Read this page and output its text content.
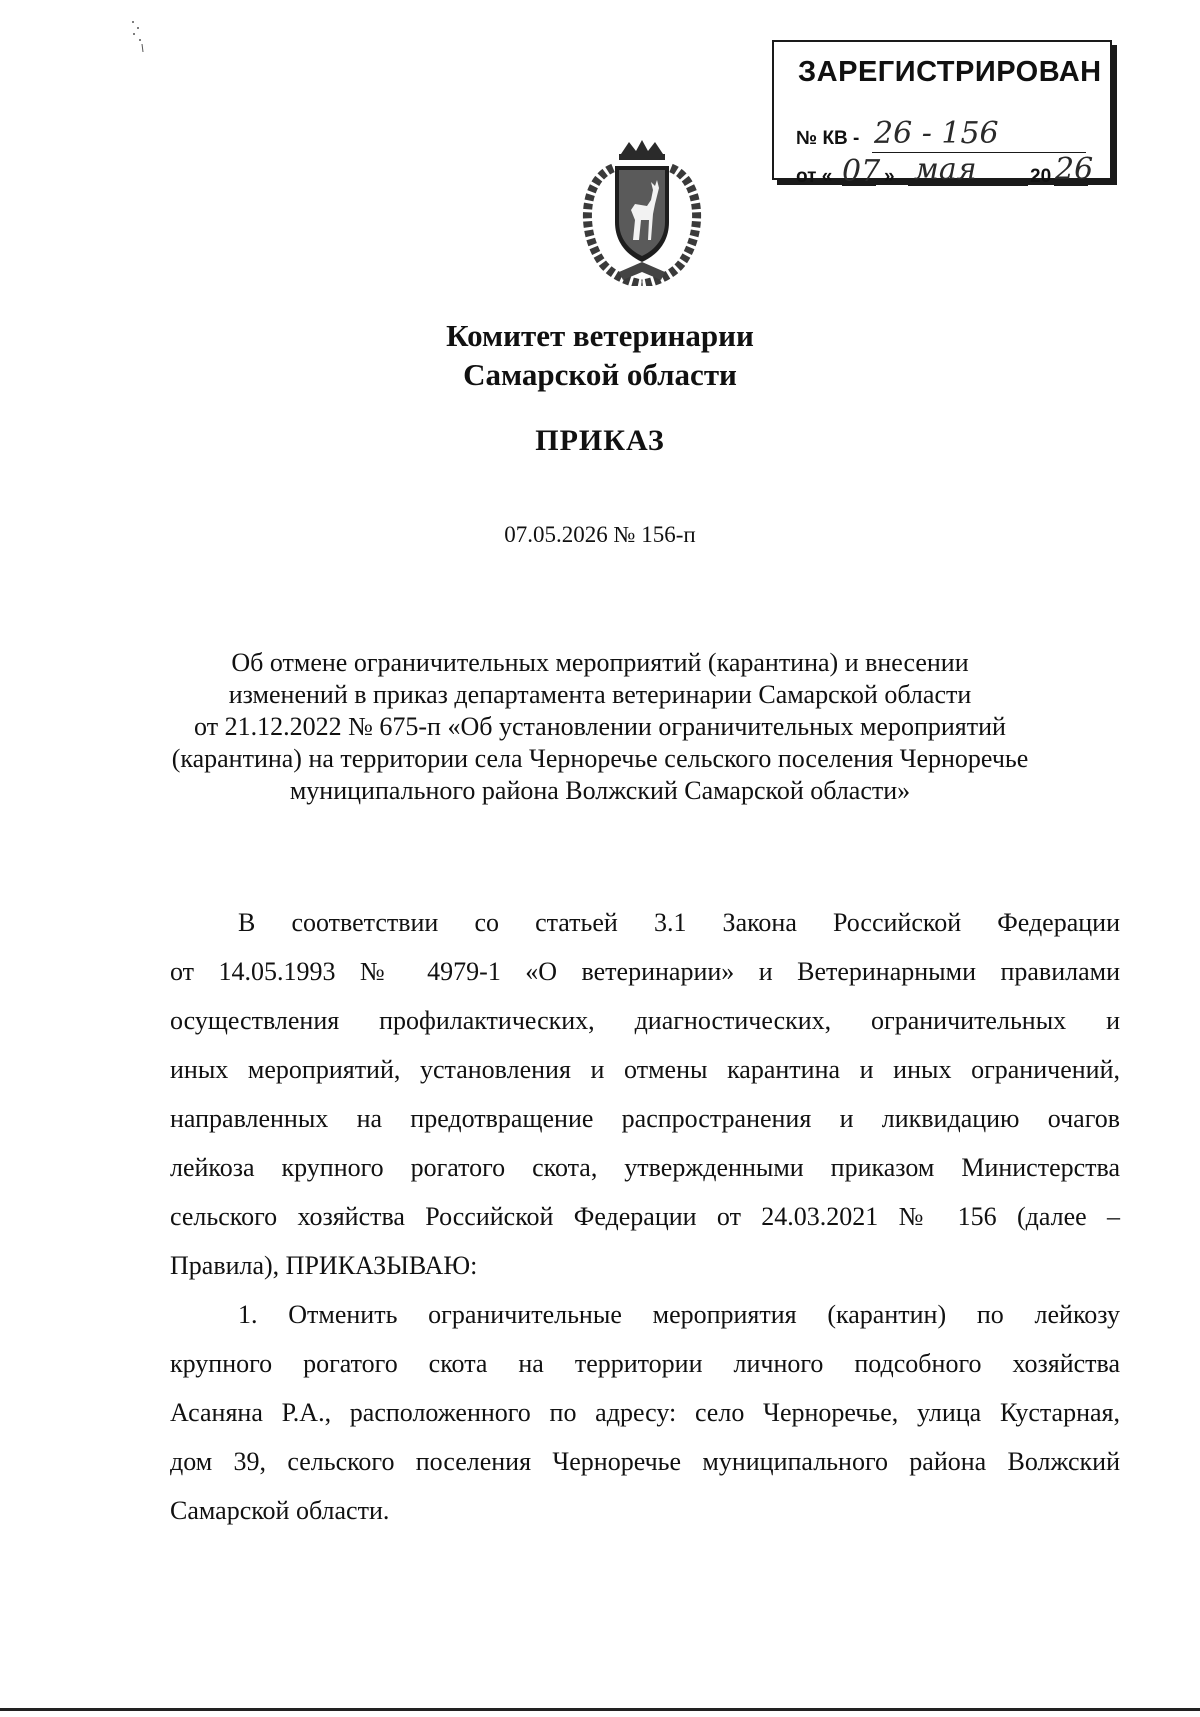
ЗАРЕГИСТРИРОВАН
№ КВ - 26 - 156
от « 07 » мая	20 26
Комитет ветеринарии
Самарской области
ПРИКАЗ
07.05.2026 № 156-п
Об отмене ограничительных мероприятий (карантина) и внесении
изменений в приказ департамента ветеринарии Самарской области
от 21.12.2022 № 675-п «Об установлении ограничительных мероприятий
(карантина) на территории села Черноречье сельского поселения Черноречье
муниципального района Волжский Самарской области»
В соответствии со статьей 3.1 Закона Российской Федерации
от 14.05.1993 № 4979-1 «О ветеринарии» и Ветеринарными правилами
осуществления профилактических, диагностических, ограничительных и
иных мероприятий, установления и отмены карантина и иных ограничений,
направленных на предотвращение распространения и ликвидацию очагов
лейкоза крупного рогатого скота, утвержденными приказом Министерства
сельского хозяйства Российской Федерации от 24.03.2021 № 156 (далее –
Правила), ПРИКАЗЫВАЮ:
1. Отменить ограничительные мероприятия (карантин) по лейкозу
крупного рогатого скота на территории личного подсобного хозяйства
Асаняна Р.А., расположенного по адресу: село Черноречье, улица Кустарная,
дом 39, сельского поселения Черноречье муниципального района Волжский
Самарской области.
